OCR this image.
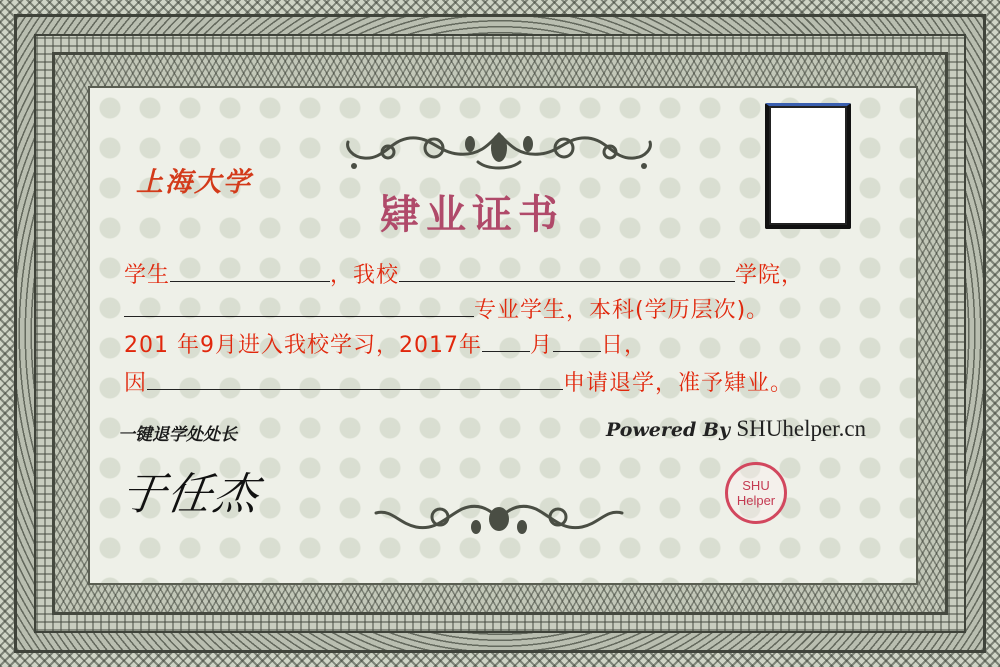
上海大学
肄业证书
学生	，我校	学院，
专业学生，本科(学历层次)。
201 年9月进入我校学习，2017年 月 日，
因	申请退学，准予肄业。
一键退学处处长
于任杰
Powered By SHUhelper.cn
SHU
Helper
